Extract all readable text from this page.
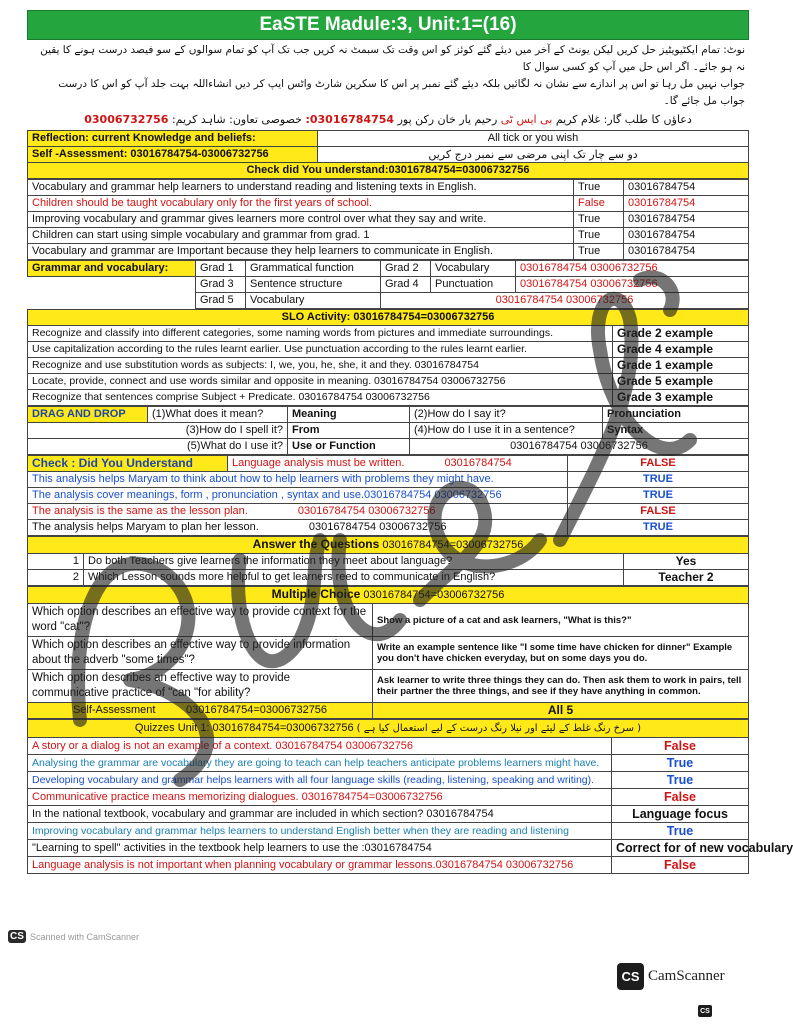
EaSTE Madule:3, Unit:1=(16)
نوٹ: تمام ایکٹیویٹیز حل کریں لیکن یونٹ کے آخر میں دیئے گئے کوئز کو اس وقت تک سبمٹ نہ کریں جب تک آپ کو تمام سوالوں کے سو فیصد درست ہونے کا یقین نہ ہو جائے۔ اگر اس حل میں آپ کو کسی سوال کا
جواب نہیں مل رہا تو اس پر اندازے سے نشان نہ لگائیں بلکہ دیئے گئے نمبر پر اس کا سکرین شارٹ واٹس ایپ کر دیں انشاءاللہ بہت جلد آپ کو اس کا درست جواب مل جائے گا۔
دعاؤں کا طلب گار: غلام کریم بی ایس ٹی رحیم یار خان رکن پور 03016784754: خصوصی تعاون: شاہد کریم: 03006732756
Reflection: current Knowledge and beliefs:	All tick or you wish
Self -Assessment: 03016784754-03006732756	دو سے چار تک اپنی مرضی سے نمبر درج کریں
Check did You understand:03016784754=03006732756	
Vocabulary and grammar help learners to understand reading and listening texts in English.	True	03016784754
Children should be taught vocabulary only for the first years of school.	False	03016784754
Improving vocabulary and grammar gives learners more control over what they say and write.	True	03016784754
Children can start using simple vocabulary and grammar from grad. 1	True	03016784754
Vocabulary and grammar are Important because they help learners to communicate in English.	True	03016784754
Grammar and vocabulary:	Grad 1	Grammatical function	Grad 2	Vocabulary	03016784754 03006732756
	Grad 3	Sentence structure	Grad 4	Punctuation	03016784754 03006732756
	Grad 5	Vocabulary	03016784754 03006732756		
SLO Activity: 03016784754=03006732756	
Recognize and classify into different categories, some naming words from pictures and immediate surroundings.	Grade 2 example
Use capitalization according to the rules learnt earlier. Use punctuation according to the rules learnt earlier.	Grade 4 example
Recognize and use substitution words as subjects: I, we, you, he, she, it and they. 03016784754	Grade 1 example
Locate, provide, connect and use words similar and opposite in meaning. 03016784754 03006732756	Grade 5 example
Recognize that sentences comprise Subject + Predicate. 03016784754 03006732756	Grade 3 example
DRAG AND DROP	(1)What does it mean?	Meaning	(2)How do I say it?	Pronunciation
(3)How do I spell it?		From	(4)How do I use it in a sentence?	Syntax
(5)What do I use it?		Use or Function	03016784754 03006732756	
Check : Did You Understand	Language analysis must be written. 03016784754	FALSE
This analysis helps Maryam to think about how to help learners with problems they might have.		TRUE
The analysis cover meanings, form , pronunciation , syntax and use.03016784754 03006732756		TRUE
The analysis is the same as the lesson plan. 03016784754 03006732756		FALSE
The analysis helps Maryam to plan her lesson. 03016784754 03006732756		TRUE
Answer the Questions 03016784754=03006732756		
1	Do both Teachers give learners the information they meet about language?	Yes
2	Which Lesson sounds more helpful to get learners reed to communicate in English?	Teacher 2
Multiple Choice 03016784754=03006732756	
Which option describes an effective way to provide context for the word "cat"?	Show a picture of a cat and ask learners, "What is this?"
Which option describes an effective way to provide information about the adverb "some times"?	Write an example sentence like "I some time have chicken for dinner" Example you don't have chicken everyday, but on some days you do.
Which option describes an effective way to provide communicative practice of "can "for ability?	Ask learner to write three things they can do. Then ask them to work in pairs, tell their partner the three things, and see if they have anything in common.
Self-Assessment 03016784754=03006732756	All 5
Quizzes Unit 1: 03016784754=03006732756 ( سرخ رنگ غلط کے لیئے اور نیلا رنگ درست کے لیے استعمال کیا ہے )	
A story or a dialog is not an example of a context. 03016784754 03006732756	False
Analysing the grammar are vocabulary they are going to teach can help teachers anticipate problems learners might have.	True
Developing vocabulary and grammar helps learners with all four language skills (reading, listening, speaking and writing).	True
Communicative practice means memorizing dialogues. 03016784754=03006732756	False
In the national textbook, vocabulary and grammar are included in which section? 03016784754	Language focus
Improving vocabulary and grammar helps learners to understand English better when they are reading and listening	True
"Learning to spell" activities in the textbook help learners to use the :03016784754	Correct for of new vocabulary
Language analysis is not important when planning vocabulary or grammar lessons.03016784754 03006732756	False
CS Scanned with CamScanner
CS CamScanner
CS
